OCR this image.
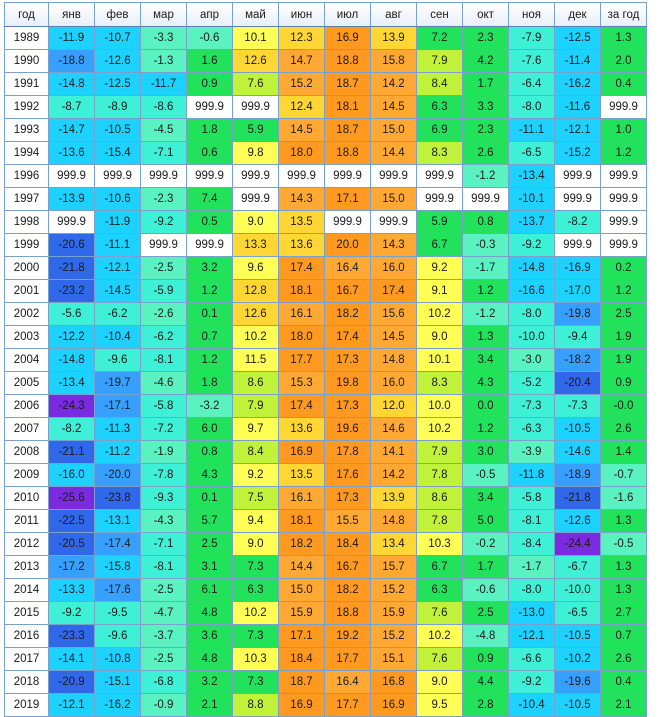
год	янв	фев	мар	апр	май	июн	июл	авг	сен	окт	ноя	дек	за год
1989	-11.9	-10.7	-3.3	-0.6	10.1	12.3	16.9	13.9	7.2	2.3	-7.9	-12.5	1.3
1990	-18.8	-12.6	-1.3	1.6	12.6	14.7	18.8	15.8	7.9	4.2	-7.6	-11.4	2.0
1991	-14.8	-12.5	-11.7	0.9	7.6	15.2	18.7	14.2	8.4	1.7	-6.4	-16.2	0.4
1992	-8.7	-8.9	-8.6	999.9	999.9	12.4	18.1	14.5	6.3	3.3	-8.0	-11.6	999.9
1993	-14.7	-10.5	-4.5	1.8	5.9	14.5	18.7	15.0	6.9	2.3	-11.1	-12.1	1.0
1994	-13.6	-15.4	-7.1	0.6	9.8	18.0	18.8	14.4	8.3	2.6	-6.5	-15.2	1.2
1996	999.9	999.9	999.9	999.9	999.9	999.9	999.9	999.9	999.9	-1.2	-13.4	999.9	999.9
1997	-13.9	-10.6	-2.3	7.4	999.9	14.3	17.1	15.0	999.9	999.9	-10.1	999.9	999.9
1998	999.9	-11.9	-9.2	0.5	9.0	13.5	999.9	999.9	5.9	0.8	-13.7	-8.2	999.9
1999	-20.6	-11.1	999.9	999.9	13.3	13.6	20.0	14.3	6.7	-0.3	-9.2	999.9	999.9
2000	-21.8	-12.1	-2.5	3.2	9.6	17.4	16.4	16.0	9.2	-1.7	-14.8	-16.9	0.2
2001	-23.2	-14.5	-5.9	1.2	12.8	18.1	16.7	17.4	9.1	1.2	-16.6	-17.0	1.2
2002	-5.6	-6.2	-2.6	0.1	12.6	16.1	18.2	15.6	10.2	-1.2	-8.0	-19.8	2.5
2003	-12.2	-10.4	-6.2	0.7	10.2	18.0	17.4	14.5	9.0	1.3	-10.0	-9.4	1.9
2004	-14.8	-9.6	-8.1	1.2	11.5	17.7	17.3	14.8	10.1	3.4	-3.0	-18.2	1.9
2005	-13.4	-19.7	-4.6	1.8	8.6	15.3	19.8	16.0	8.3	4.3	-5.2	-20.4	0.9
2006	-24.3	-17.1	-5.8	-3.2	7.9	17.4	17.3	12.0	10.0	0.0	-7.3	-7.3	-0.0
2007	-8.2	-11.3	-7.2	6.0	9.7	13.6	19.6	14.6	10.2	1.2	-6.3	-10.5	2.6
2008	-21.1	-11.2	-1.9	0.8	8.4	16.9	17.8	14.1	7.9	3.0	-3.9	-14.6	1.4
2009	-16.0	-20.0	-7.8	4.3	9.2	13.5	17.6	14.2	7.8	-0.5	-11.8	-18.9	-0.7
2010	-25.6	-23.8	-9.3	0.1	7.5	16.1	17.3	13.9	8.6	3.4	-5.8	-21.8	-1.6
2011	-22.5	-13.1	-4.3	5.7	9.4	18.1	15.5	14.8	7.8	5.0	-8.1	-12.6	1.3
2012	-20.5	-17.4	-7.1	2.5	9.0	18.2	18.4	13.4	10.3	-0.2	-8.4	-24.4	-0.5
2013	-17.2	-15.8	-8.1	3.1	7.3	14.4	16.7	15.7	6.7	1.7	-1.7	-6.7	1.3
2014	-13.3	-17.6	-2.5	6.1	6.3	15.0	18.2	15.2	6.3	-0.6	-8.0	-10.0	1.3
2015	-9.2	-9.5	-4.7	4.8	10.2	15.9	18.8	15.9	7.6	2.5	-13.0	-6.5	2.7
2016	-23.3	-9.6	-3.7	3.6	7.3	17.1	19.2	15.2	10.2	-4.8	-12.1	-10.5	0.7
2017	-14.1	-10.8	-2.5	4.8	10.3	18.4	17.7	15.1	7.6	0.9	-6.6	-10.2	2.6
2018	-20.9	-15.1	-6.8	3.2	7.3	18.7	16.4	16.8	9.0	4.4	-9.2	-19.6	0.4
2019	-12.1	-16.2	-0.9	2.1	8.8	16.9	17.7	16.9	9.5	2.8	-10.4	-10.5	2.1
